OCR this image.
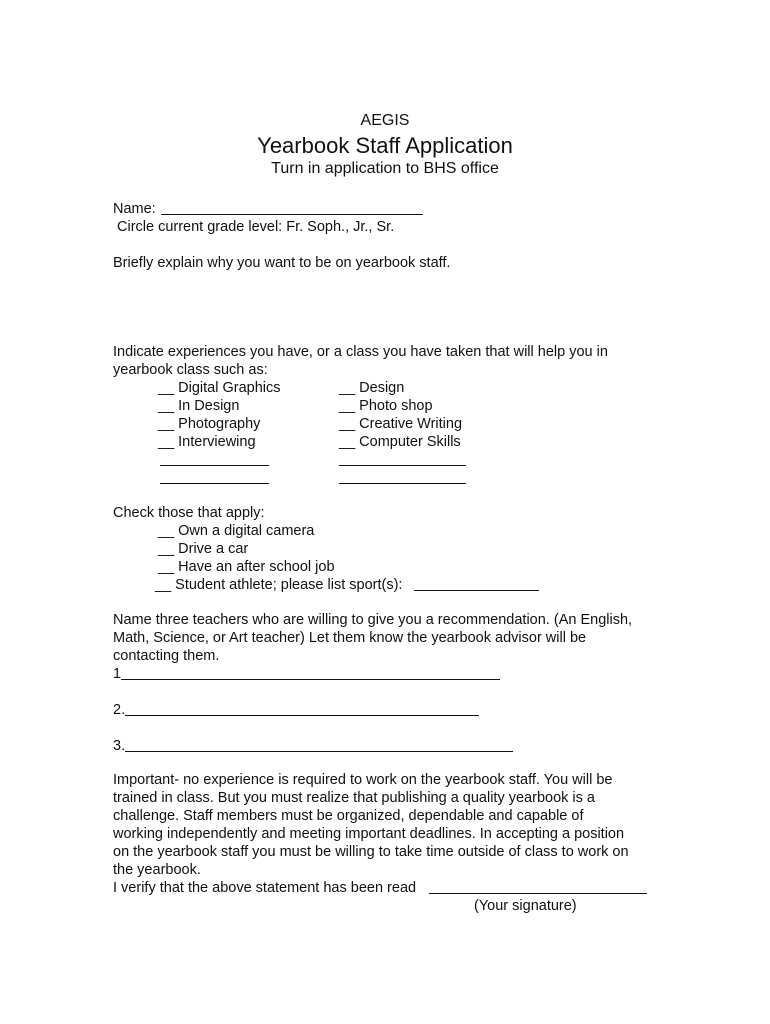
AEGIS
Yearbook Staff Application
Turn in application to BHS office
Name:
Circle current grade level: Fr. Soph., Jr., Sr.
Briefly explain why you want to be on yearbook staff.
Indicate experiences you have, or a class you have taken that will help you in
yearbook class such as:
__ Digital Graphics
__ In Design
__ Photography
__ Interviewing
__ Design
__ Photo shop
__ Creative Writing
__ Computer Skills
Check those that apply:
__ Own a digital camera
__ Drive a car
__ Have an after school job
__ Student athlete; please list sport(s):
Name three teachers who are willing to give you a recommendation. (An English,
Math, Science, or Art teacher) Let them know the yearbook advisor will be
contacting them.
1
2.
3.
Important- no experience is required to work on the yearbook staff. You will be
trained in class. But you must realize that publishing a quality yearbook is a
challenge. Staff members must be organized, dependable and capable of
working independently and meeting important deadlines. In accepting a position
on the yearbook staff you must be willing to take time outside of class to work on
the yearbook.
I verify that the above statement has been read
(Your signature)
